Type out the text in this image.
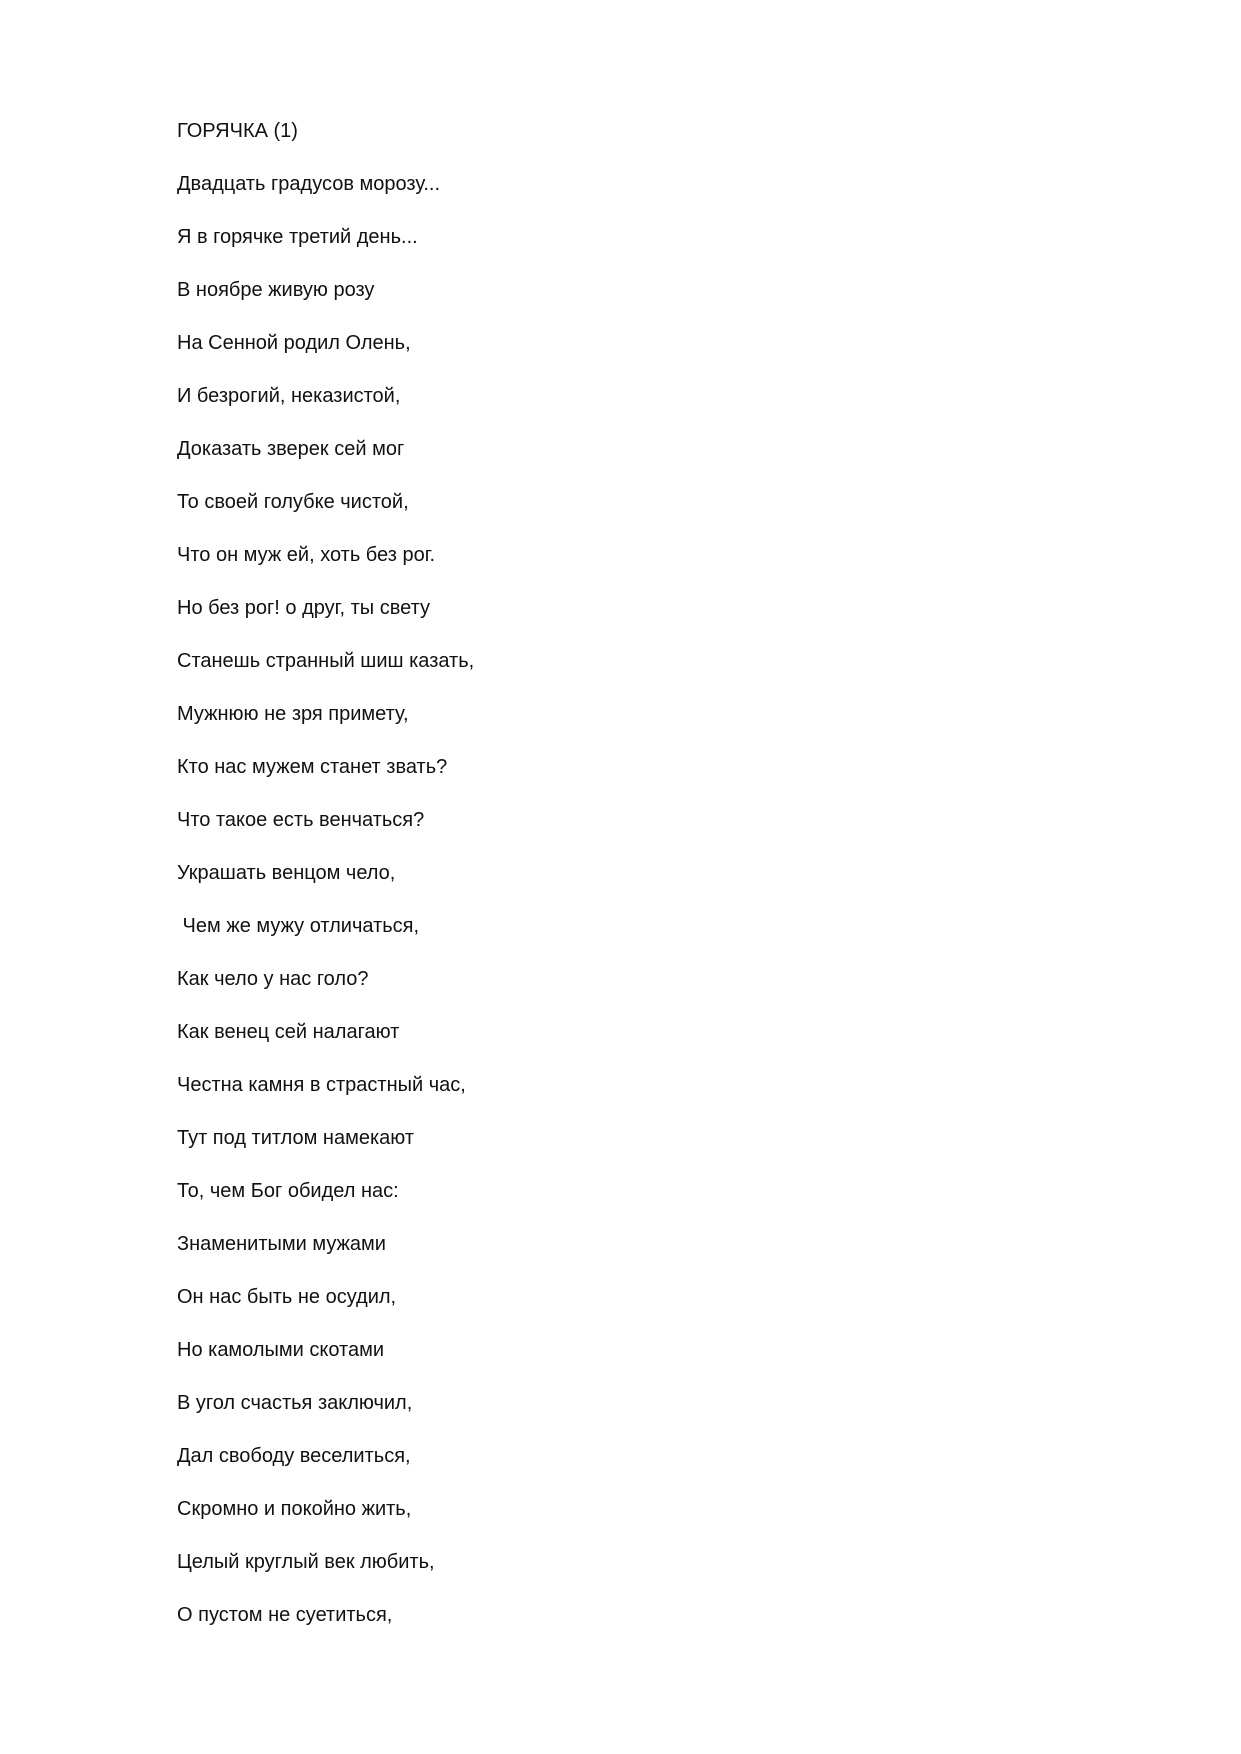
ГОРЯЧКА (1)
Двадцать градусов морозу...
Я в горячке третий день...
В ноябре живую розу
На Сенной родил Олень,
И безрогий, неказистой,
Доказать зверек сей мог
То своей голубке чистой,
Что он муж ей, хоть без рог.
Но без рог! о друг, ты свету
Станешь странный шиш казать,
Мужнюю не зря примету,
Кто нас мужем станет звать?
Что такое есть венчаться?
Украшать венцом чело,
Чем же мужу отличаться,
Как чело у нас голо?
Как венец сей налагают
Честна камня в страстный час,
Тут под титлом намекают
То, чем Бог обидел нас:
Знаменитыми мужами
Он нас быть не осудил,
Но камолыми скотами
В угол счастья заключил,
Дал свободу веселиться,
Скромно и покойно жить,
Целый круглый век любить,
О пустом не суетиться,
